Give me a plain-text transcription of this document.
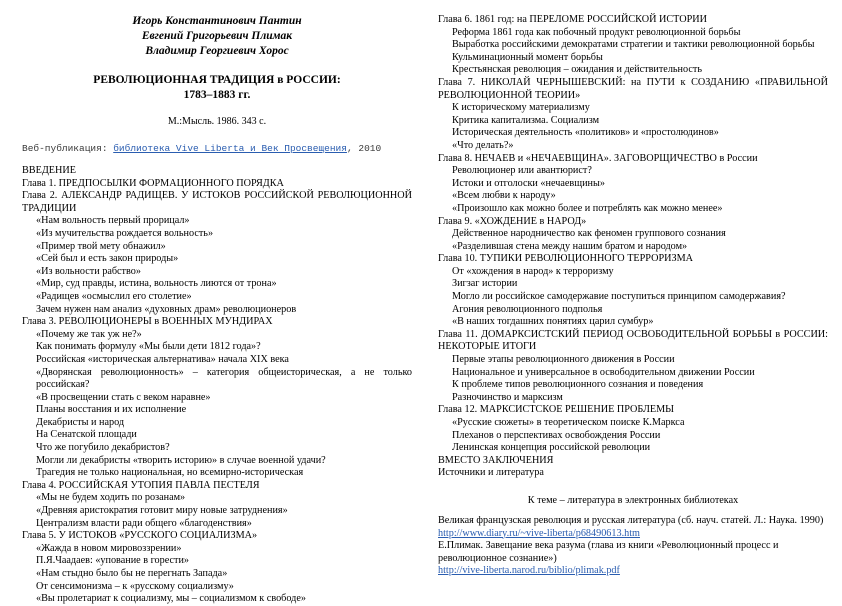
Игорь Константинович Пантин
Евгений Григорьевич Плимак
Владимир Георгиевич Хорос
РЕВОЛЮЦИОННАЯ ТРАДИЦИЯ в РОССИИ:
1783–1883 гг.
М.:Мысль. 1986. 343 с.
Веб-публикация: библиотека Vive Liberta и Век Просвещения, 2010

ВВЕДЕНИЕ

Глава 1. ПРЕДПОСЫЛКИ ФОРМАЦИОННОГО ПОРЯДКА

Глава 2. АЛЕКСАНДР РАДИЩЕВ. У ИСТОКОВ РОССИЙСКОЙ РЕВОЛЮЦИОННОЙ ТРАДИЦИИ

«Нам вольность первый прорицал»

«Из мучительства рождается вольность»

«Пример твой мету обнажил»

«Сей был и есть закон природы»

«Из вольности рабство»

«Мир, суд правды, истина, вольность лиются от трона»

«Радищев «осмыслил его столетие»

Зачем нужен нам анализ «духовных драм» революционеров

Глава 3. РЕВОЛЮЦИОНЕРЫ в ВОЕННЫХ МУНДИРАХ

«Почему же так уж не?»

Как понимать формулу «Мы были дети 1812 года»?

Российская «историческая альтернатива» начала XIX века

«Дворянская революционность» – категория общеисторическая, а не только российская?

«В просвещении стать с веком наравне»

Планы восстания и их исполнение

Декабристы и народ

На Сенатской площади

Что же погубило декабристов?

Могли ли декабристы «творить историю» в случае военной удачи?

Трагедия не только национальная, но всемирно-историческая

Глава 4. РОССИЙСКАЯ УТОПИЯ ПАВЛА ПЕСТЕЛЯ

«Мы не будем ходить по розанам»

«Древняя аристократия готовит миру новые затруднения»

Централизм власти ради общего «благоденствия»

Глава 5. У ИСТОКОВ «РУССКОГО СОЦИАЛИЗМА»

«Жажда в новом мировоззрении»

П.Я.Чаадаев: «упование в горести»

«Нам стыдно было бы не перегнать Запада»

От сенсимонизма – к «русскому социализму»

«Вы пролетариат к социализму, мы – социализмом к свободе»

Глава 6. 1861 год: на ПЕРЕЛОМЕ РОССИЙСКОЙ ИСТОРИИ

Реформа 1861 года как побочный продукт революционной борьбы

Выработка российскими демократами стратегии и тактики революционной борьбы

Кульминационный момент борьбы

Крестьянская революция – ожидания и действительность

Глава 7. НИКОЛАЙ ЧЕРНЫШЕВСКИЙ: на ПУТИ к СОЗДАНИЮ «ПРАВИЛЬНОЙ РЕВОЛЮЦИОННОЙ ТЕОРИИ»

К историческому материализму

Критика капитализма. Социализм

Историческая деятельность «политиков» и «простолюдинов»

«Что делать?»

Глава 8. НЕЧАЕВ и «НЕЧАЕВЩИНА». ЗАГОВОРЩИЧЕСТВО в России

Революционер или авантюрист?

Истоки и отголоски «нечаевщины»

«Всем любви к народу»

«Произошло как можно более и потреблять как можно менее»

Глава 9. «ХОЖДЕНИЕ в НАРОД»

Действенное народничество как феномен группового сознания

«Разделившая стена между нашим братом и народом»

Глава 10. ТУПИКИ РЕВОЛЮЦИОННОГО ТЕРРОРИЗМА

От «хождения в народ» к терроризму

Зигзаг истории

Могло ли российское самодержавие поступиться принципом самодержавия?

Агония революционного подполья

«В наших тогдашних понятиях царил сумбур»

Глава 11. ДОМАРКСИСТСКИЙ ПЕРИОД ОСВОБОДИТЕЛЬНОЙ БОРЬБЫ в РОССИИ: НЕКОТОРЫЕ ИТОГИ

Первые этапы революционного движения в России

Национальное и универсальное в освободительном движении России

К проблеме типов революционного сознания и поведения

Разночинство и марксизм

Глава 12. МАРКСИСТСКОЕ РЕШЕНИЕ ПРОБЛЕМЫ

«Русские сюжеты» в теоретическом поиске К.Маркса

Плеханов о перспективах освобождения России

Ленинская концепция российской революции

ВМЕСТО ЗАКЛЮЧЕНИЯ

Источники и литература

К теме – литература в электронных библиотеках

Великая французская революция и русская литература (сб. науч. статей. Л.: Наука. 1990)
http://www.diary.ru/~vive-liberta/p68490613.htm

Е.Плимак. Завещание века разума (глава из книги «Революционный процесс и революционное сознание»)
http://vive-liberta.narod.ru/biblio/plimak.pdf
